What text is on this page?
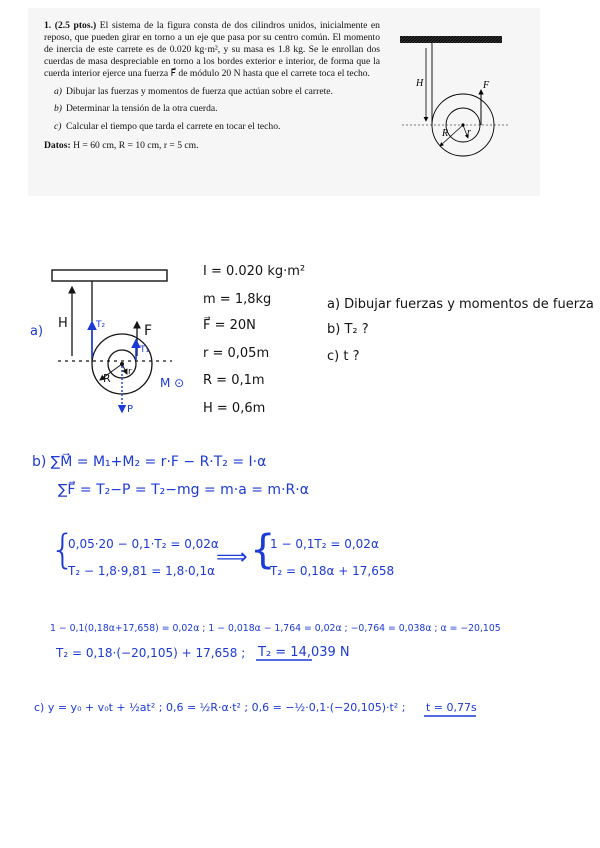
1. (2.5 ptos.) El sistema de la figura consta de dos cilindros unidos, inicialmente en reposo, que pueden girar en torno a un eje que pasa por su centro común. El momento de inercia de este carrete es de 0.020 kg·m², y su masa es 1.8 kg. Se le enrollan dos cuerdas de masa despreciable en torno a los bordes exterior e interior, de forma que la cuerda interior ejerce una fuerza F⃗ de módulo 20 N hasta que el carrete toca el techo.

a) Dibujar las fuerzas y momentos de fuerza que actúan sobre el carrete.
b) Determinar la tensión de la otra cuerda.
c) Calcular el tiempo que tarda el carrete en tocar el techo.

Datos: H = 60 cm, R = 10 cm, r = 5 cm.

H	F⃗
R r
a)
H	T₂
T₁
F
R r
P
M ⊙
I = 0.020 kg·m²
m = 1,8kg
F⃗ = 20N
r = 0,05m
R = 0,1m
H = 0,6m
a) Dibujar fuerzas y momentos de fuerza
b) T₂ ?
c) t ?
b) ∑M⃗ = M₁+M₂ = r·F − R·T₂ = I·α
∑F⃗ = T₂−P = T₂−mg = m·a = m·R·α
{
0,05·20 − 0,1·T₂ = 0,02α
T₂ − 1,8·9,81 = 1,8·0,1α
⟹ {
1 − 0,1T₂ = 0,02α
T₂ = 0,18α + 17,658
1 − 0,1(0,18α+17,658) = 0,02α ; 1 − 0,018α − 1,764 = 0,02α ; −0,764 = 0,038α ; α = −20,105
T₂ = 0,18·(−20,105) + 17,658 ; T₂ = 14,039 N
c) y = y₀ + v₀t + ½at² ; 0,6 = ½R·α·t² ; 0,6 = −½·0,1·(−20,105)·t² ; t = 0,77s
